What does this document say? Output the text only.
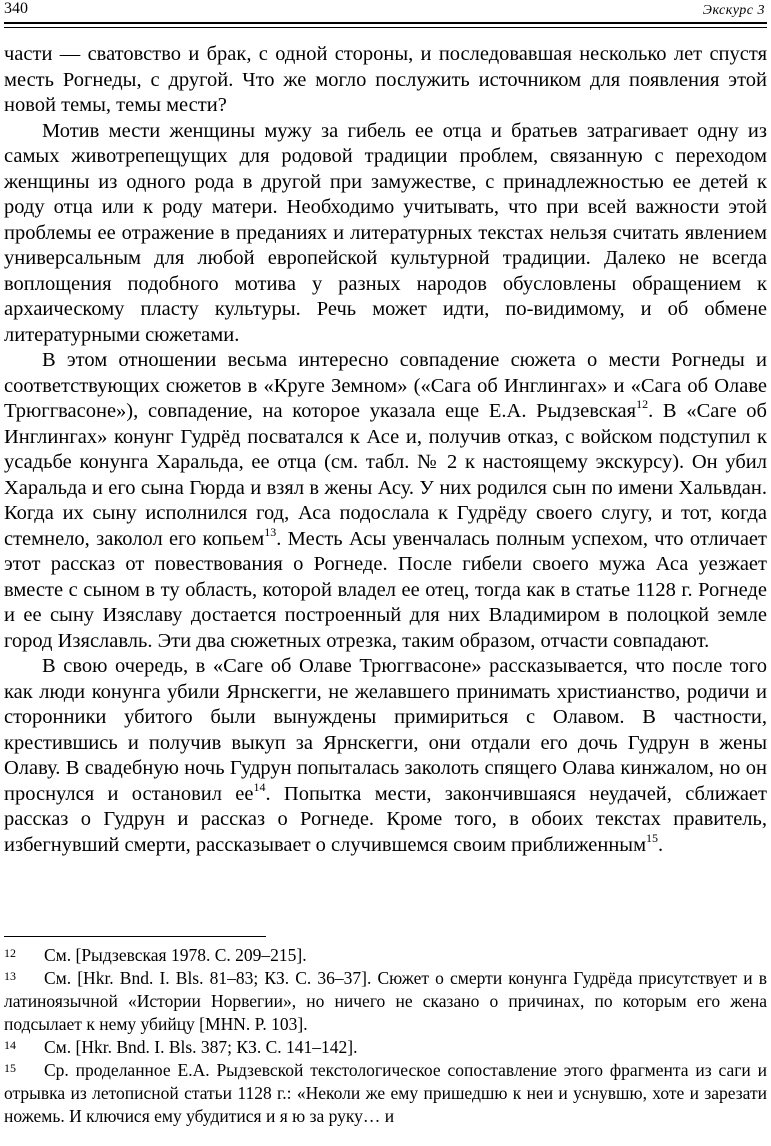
340	Экскурс 3

части — сватовство и брак, с одной стороны, и последовавшая несколько лет спустя месть Рогнеды, с другой. Что же могло послужить источником для появления этой новой темы, темы мести?

Мотив мести женщины мужу за гибель ее отца и братьев затрагивает одну из самых животрепещущих для родовой традиции проблем, связанную с переходом женщины из одного рода в другой при замужестве, с принадлежностью ее детей к роду отца или к роду матери. Необходимо учитывать, что при всей важности этой проблемы ее отражение в преданиях и литературных текстах нельзя считать явлением универсальным для любой европейской культурной традиции. Далеко не всегда воплощения подобного мотива у разных народов обусловлены обращением к архаическому пласту культуры. Речь может идти, по-видимому, и об обмене литературными сюжетами.

В этом отношении весьма интересно совпадение сюжета о мести Рогнеды и соответствующих сюжетов в «Круге Земном» («Сага об Инглингах» и «Сага об Олаве Трюггвасоне»), совпадение, на которое указала еще Е.А. Рыдзевская$^{12}$. В «Саге об Инглингах» конунг Гудрёд посватался к Асе и, получив отказ, с войском подступил к усадьбе конунга Харальда, ее отца (см. табл. № 2 к настоящему экскурсу). Он убил Харальда и его сына Гюрда и взял в жены Асу. У них родился сын по имени Хальвдан. Когда их сыну исполнился год, Аса подослала к Гудрёду своего слугу, и тот, когда стемнело, заколол его копьем$^{13}$. Месть Асы увенчалась полным успехом, что отличает этот рассказ от повествования о Рогнеде. После гибели своего мужа Аса уезжает вместе с сыном в ту область, которой владел ее отец, тогда как в статье 1128 г. Рогнеде и ее сыну Изяславу достается построенный для них Владимиром в полоцкой земле город Изяславль. Эти два сюжетных отрезка, таким образом, отчасти совпадают.

В свою очередь, в «Саге об Олаве Трюггвасоне» рассказывается, что после того как люди конунга убили Ярнскегги, не желавшего принимать христианство, родичи и сторонники убитого были вынуждены примириться с Олавом. В частности, крестившись и получив выкуп за Ярнскегги, они отдали его дочь Гудрун в жены Олаву. В свадебную ночь Гудрун попыталась заколоть спящего Олава кинжалом, но он проснулся и остановил ее$^{14}$. Попытка мести, закончившаяся неудачей, сближает рассказ о Гудрун и рассказ о Рогнеде. Кроме того, в обоих текстах правитель, избегнувший смерти, рассказывает о случившемся своим приближенным$^{15}$.

12 См. [Рыдзевская 1978. С. 209–215].

13 См. [Hkr. Bnd. I. Bls. 81–83; КЗ. С. 36–37]. Сюжет о смерти конунга Гудрёда присутствует и в латиноязычной «Истории Норвегии», но ничего не сказано о причинах, по которым его жена подсылает к нему убийцу [MHN. P. 103].

14 См. [Hkr. Bnd. I. Bls. 387; КЗ. С. 141–142].

15 Ср. проделанное Е.А. Рыдзевской текстологическое сопоставление этого фрагмента из саги и отрывка из летописной статьи 1128 г.: «Неколи же ему пришедшю к неи и уснувшю, хоте и зарезати ножемь. И ключися ему убудитися и я ю за руку… и
